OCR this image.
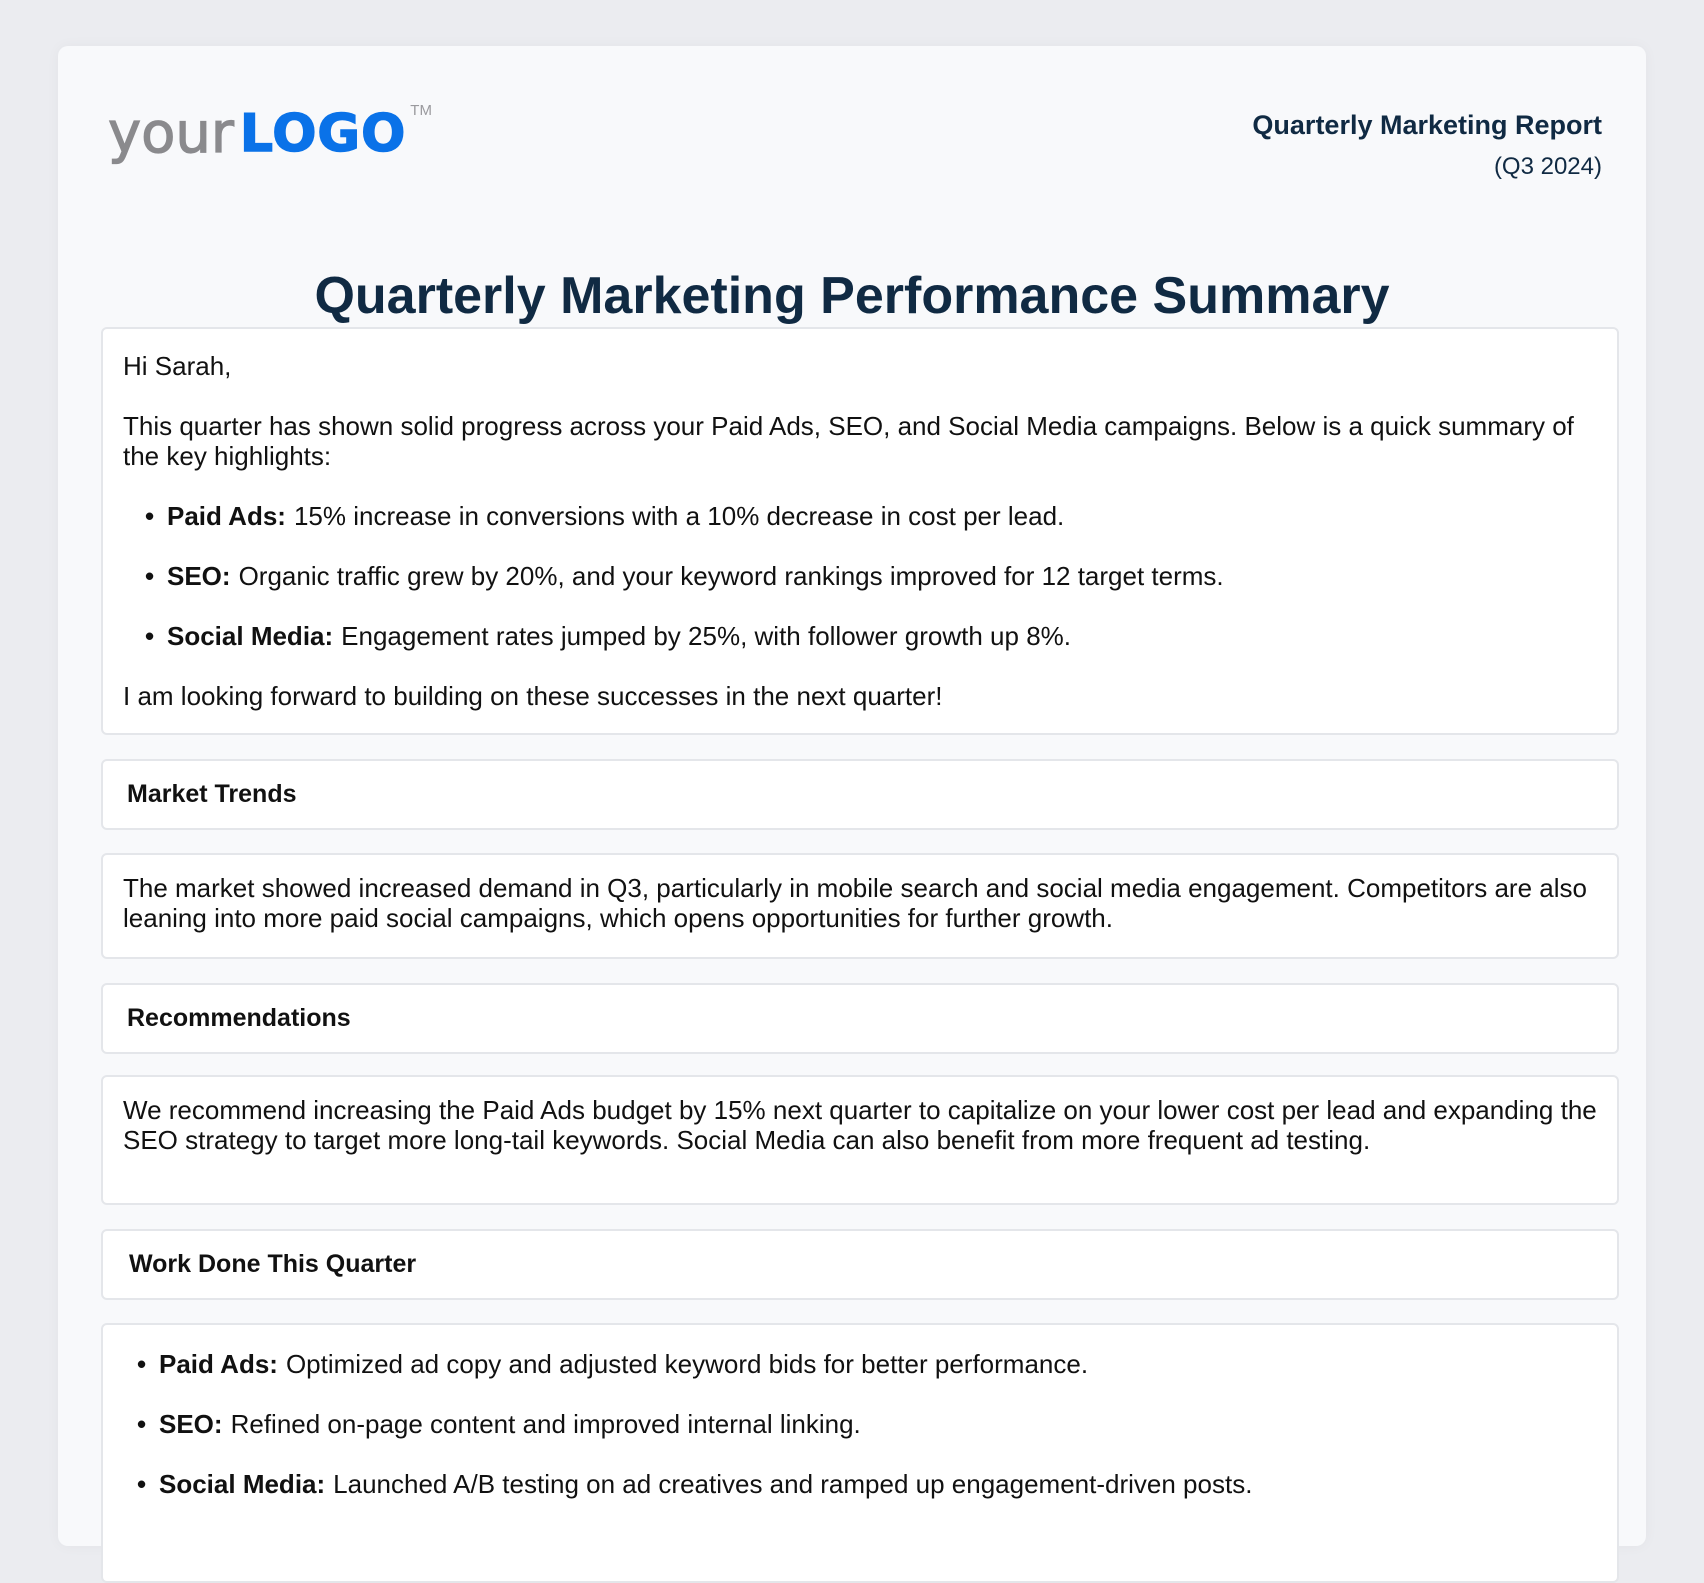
your LOGO TM	Quarterly Marketing Report
(Q3 2024)
Quarterly Marketing Performance Summary

Hi Sarah,

This quarter has shown solid progress across your Paid Ads, SEO, and Social Media campaigns. Below is a quick summary of the key highlights:

• Paid Ads: 15% increase in conversions with a 10% decrease in cost per lead.
• SEO: Organic traffic grew by 20%, and your keyword rankings improved for 12 target terms.
• Social Media: Engagement rates jumped by 25%, with follower growth up 8%.

I am looking forward to building on these successes in the next quarter!

Market Trends

The market showed increased demand in Q3, particularly in mobile search and social media engagement. Competitors are also leaning into more paid social campaigns, which opens opportunities for further growth.

Recommendations

We recommend increasing the Paid Ads budget by 15% next quarter to capitalize on your lower cost per lead and expanding the SEO strategy to target more long-tail keywords. Social Media can also benefit from more frequent ad testing.

Work Done This Quarter
• Paid Ads: Optimized ad copy and adjusted keyword bids for better performance.
• SEO: Refined on-page content and improved internal linking.
• Social Media: Launched A/B testing on ad creatives and ramped up engagement-driven posts.
